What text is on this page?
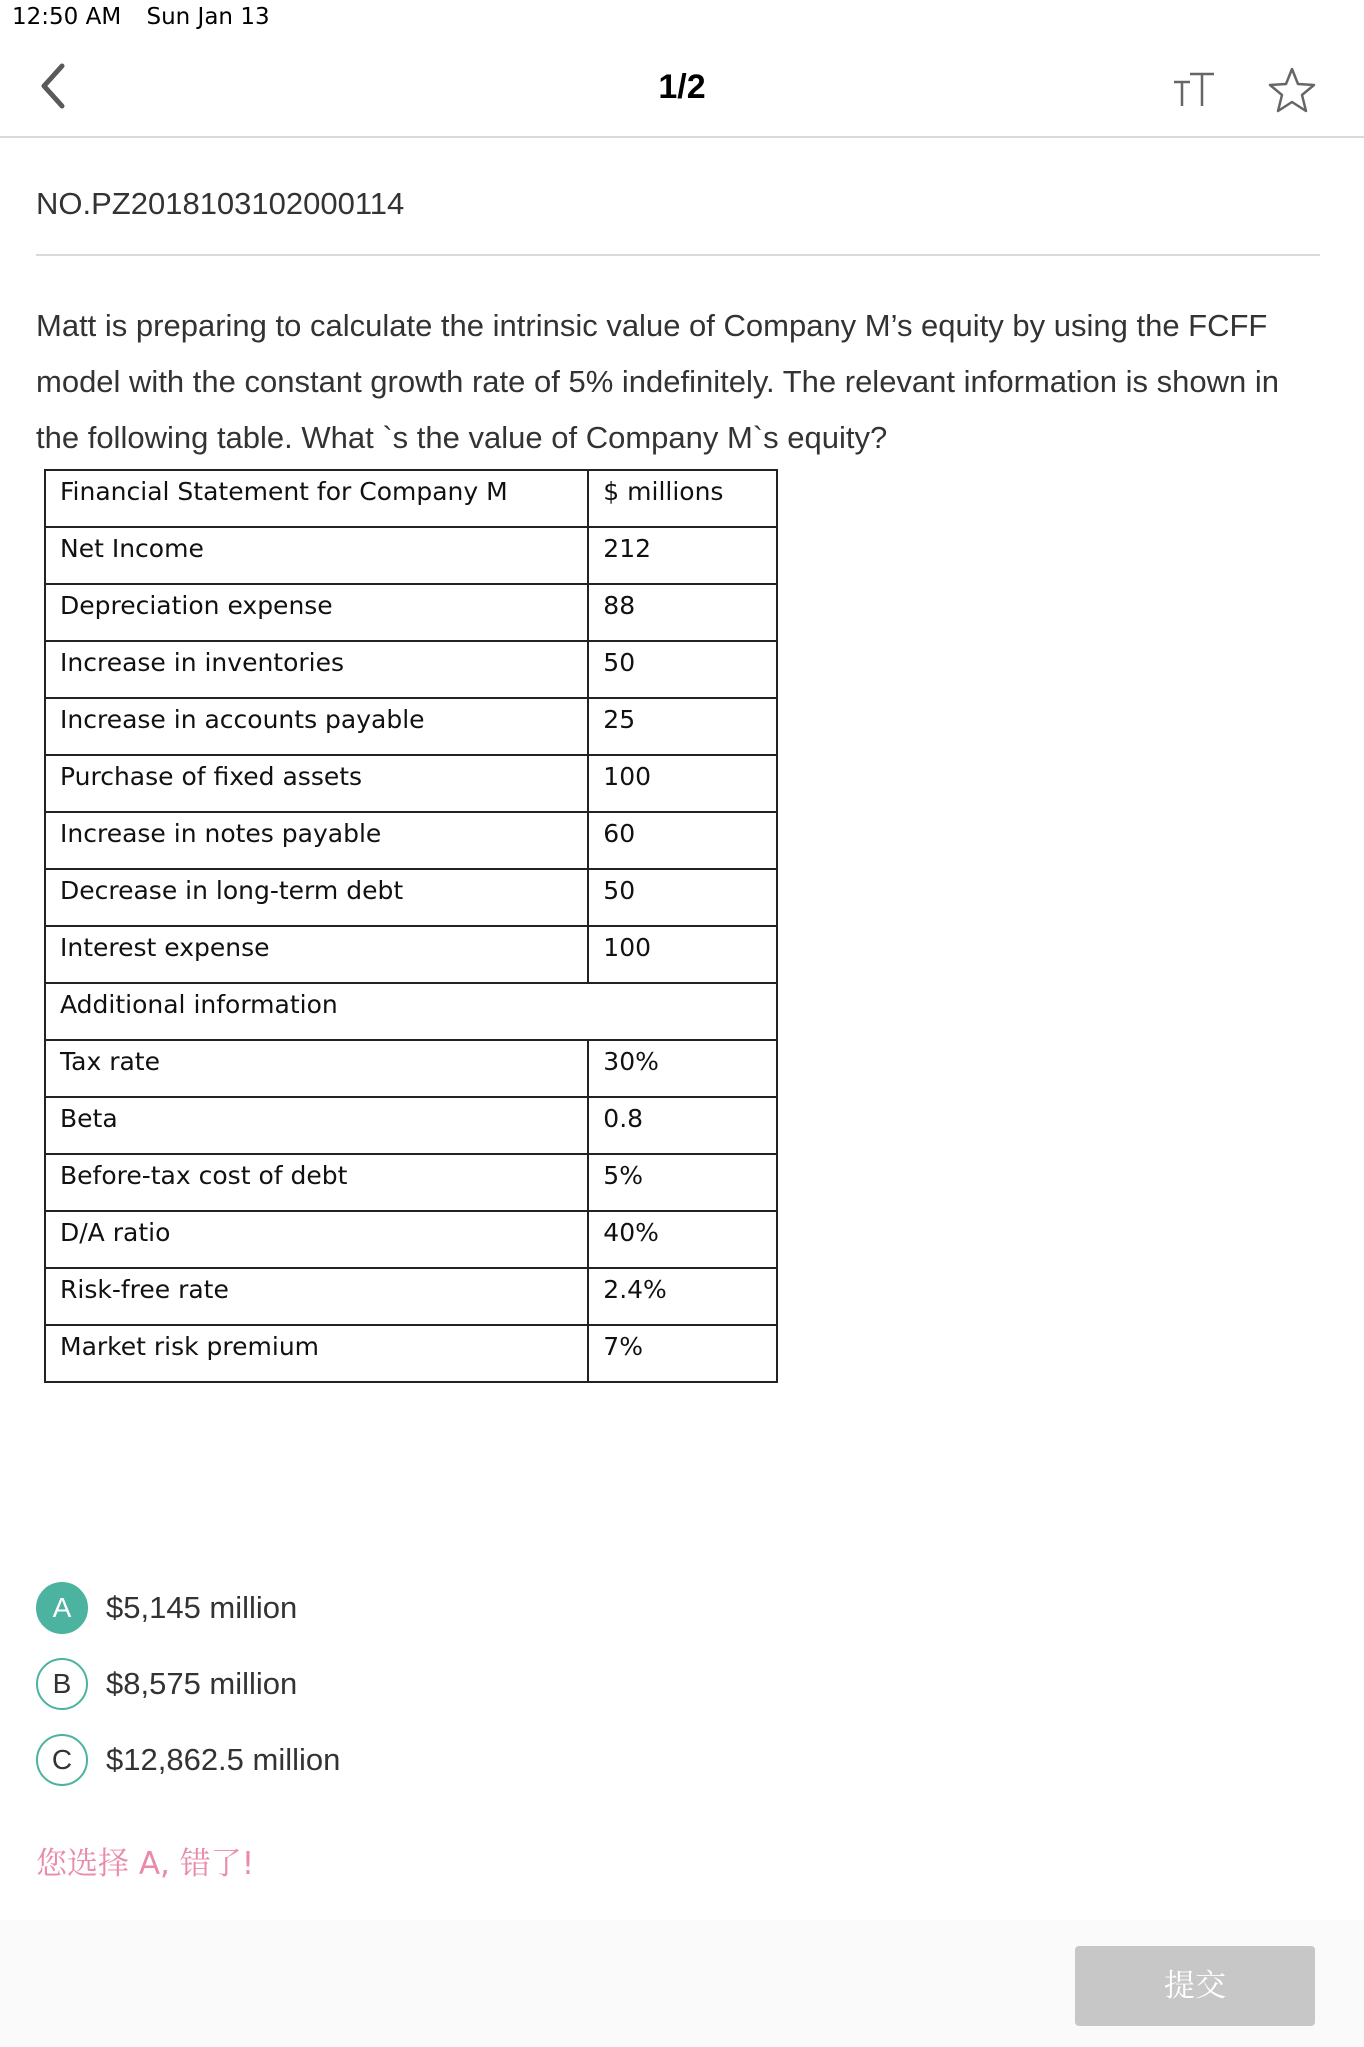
12:50 AM Sun Jan 13
1/2
NO.PZ2018103102000114
Matt is preparing to calculate the intrinsic value of Company M’s equity by using the FCFF model with the constant growth rate of 5% indefinitely. The relevant information is shown in the following table. What `s the value of Company M`s equity?
Financial Statement for Company M	$ millions
Net Income	212
Depreciation expense	88
Increase in inventories	50
Increase in accounts payable	25
Purchase of fixed assets	100
Increase in notes payable	60
Decrease in long-term debt	50
Interest expense	100
Additional information	
Tax rate	30%
Beta	0.8
Before-tax cost of debt	5%
D/A ratio	40%
Risk-free rate	2.4%
Market risk premium	7%
A	$5,145 million
B	$8,575 million
C	$12,862.5 million
您选择 A, 错了!
提交
